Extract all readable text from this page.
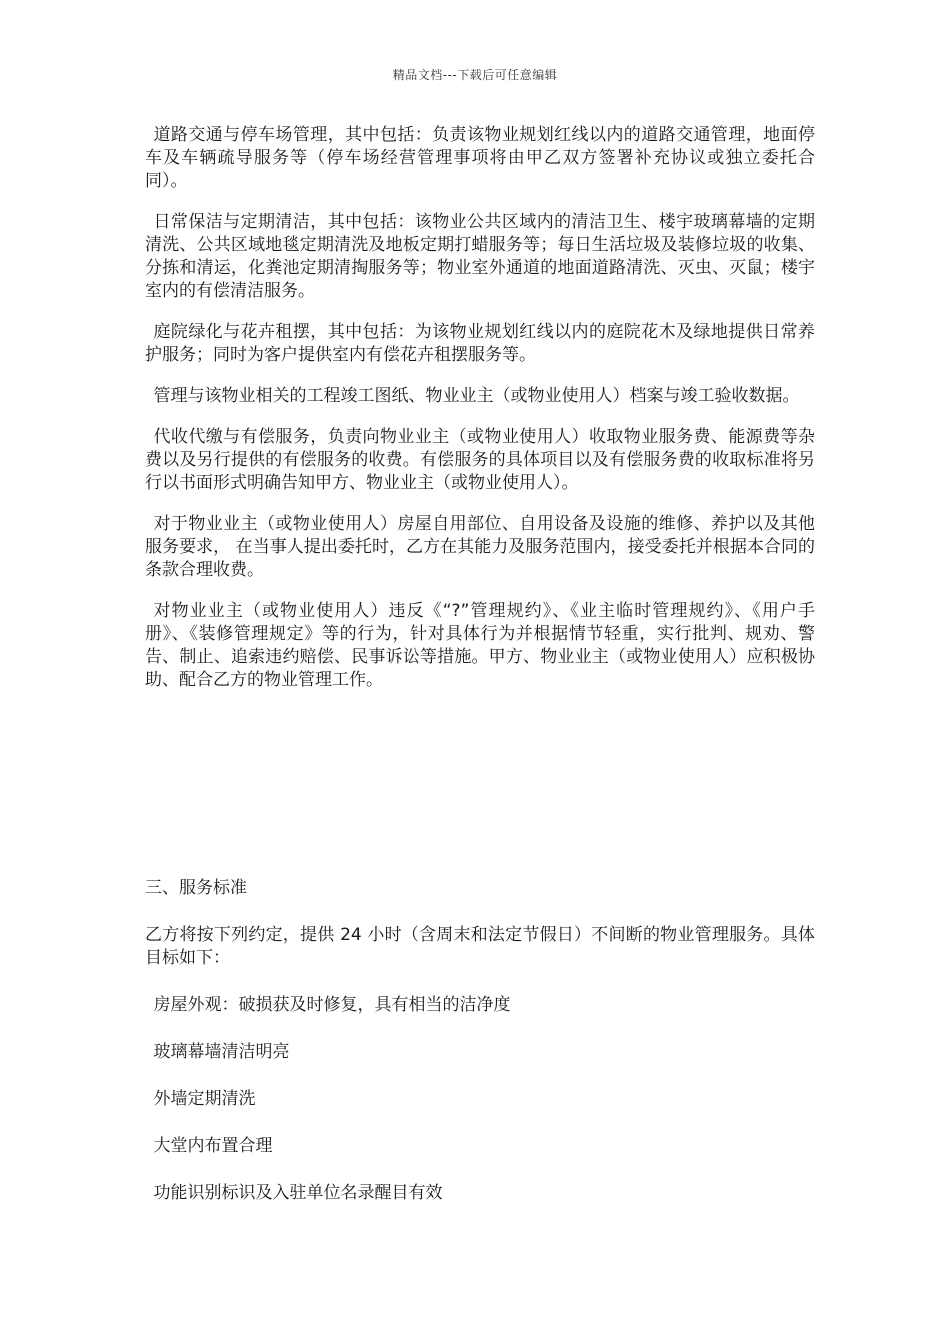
精品文档---下载后可任意编辑

道路交通与停车场管理，其中包括：负责该物业规划红线以内的道路交通管理，地面停车及车辆疏导服务等（停车场经营管理事项将由甲乙双方签署补充协议或独立委托合同）。

日常保洁与定期清洁，其中包括：该物业公共区域内的清洁卫生、楼宇玻璃幕墙的定期清洗、公共区域地毯定期清洗及地板定期打蜡服务等；每日生活垃圾及装修垃圾的收集、分拣和清运，化粪池定期清掏服务等；物业室外通道的地面道路清洗、灭虫、灭鼠；楼宇室内的有偿清洁服务。

庭院绿化与花卉租摆，其中包括：为该物业规划红线以内的庭院花木及绿地提供日常养护服务；同时为客户提供室内有偿花卉租摆服务等。

管理与该物业相关的工程竣工图纸、物业业主（或物业使用人）档案与竣工验收数据。

代收代缴与有偿服务，负责向物业业主（或物业使用人）收取物业服务费、能源费等杂费以及另行提供的有偿服务的收费。有偿服务的具体项目以及有偿服务费的收取标准将另行以书面形式明确告知甲方、物业业主（或物业使用人）。

对于物业业主（或物业使用人）房屋自用部位、自用设备及设施的维修、养护以及其他服务要求， 在当事人提出委托时，乙方在其能力及服务范围内，接受委托并根据本合同的条款合理收费。

对物业业主（或物业使用人）违反《“?”管理规约》、《业主临时管理规约》、《用户手册》、《装修管理规定》等的行为，针对具体行为并根据情节轻重，实行批判、规劝、警告、制止、追索违约赔偿、民事诉讼等措施。甲方、物业业主（或物业使用人）应积极协助、配合乙方的物业管理工作。

三、服务标准

乙方将按下列约定，提供 24 小时（含周末和法定节假日）不间断的物业管理服务。具体目标如下：

房屋外观：破损获及时修复，具有相当的洁净度

玻璃幕墙清洁明亮

外墙定期清洗

大堂内布置合理

功能识别标识及入驻单位名录醒目有效
